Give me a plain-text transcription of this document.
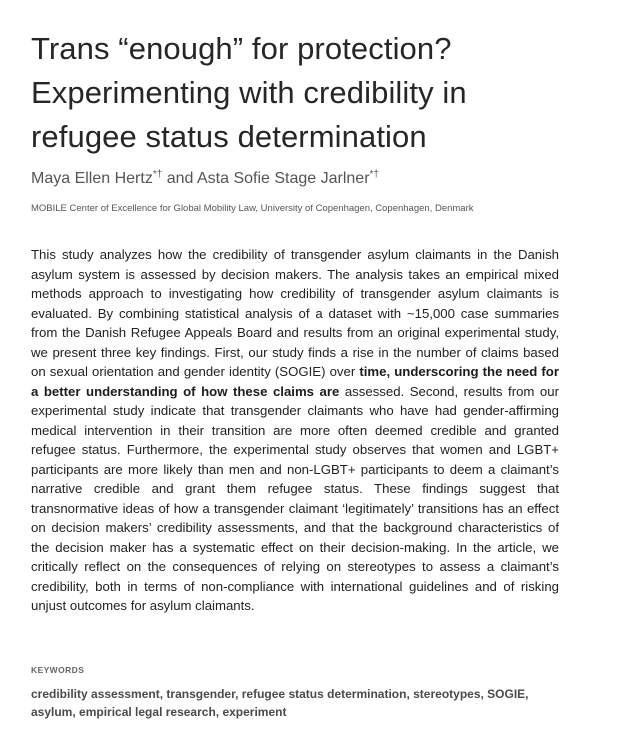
Trans “enough” for protection?
Experimenting with credibility in
refugee status determination
Maya Ellen Hertz*† and Asta Sofie Stage Jarlner*†
MOBILE Center of Excellence for Global Mobility Law, University of Copenhagen, Copenhagen, Denmark

This study analyzes how the credibility of transgender asylum claimants in the Danish asylum system is assessed by decision makers. The analysis takes an empirical mixed methods approach to investigating how credibility of transgender asylum claimants is evaluated. By combining statistical analysis of a dataset with ~15,000 case summaries from the Danish Refugee Appeals Board and results from an original experimental study, we present three key findings. First, our study finds a rise in the number of claims based on sexual orientation and gender identity (SOGIE) over time, underscoring the need for a better understanding of how these claims are assessed. Second, results from our experimental study indicate that transgender claimants who have had gender-affirming medical intervention in their transition are more often deemed credible and granted refugee status. Furthermore, the experimental study observes that women and LGBT+ participants are more likely than men and non-LGBT+ participants to deem a claimant’s narrative credible and grant them refugee status. These findings suggest that transnormative ideas of how a transgender claimant ‘legitimately’ transitions has an effect on decision makers’ credibility assessments, and that the background characteristics of the decision maker has a systematic effect on their decision-making. In the article, we critically reflect on the consequences of relying on stereotypes to assess a claimant’s credibility, both in terms of non-compliance with international guidelines and of risking unjust outcomes for asylum claimants.

KEYWORDS

credibility assessment, transgender, refugee status determination, stereotypes, SOGIE, asylum, empirical legal research, experiment
